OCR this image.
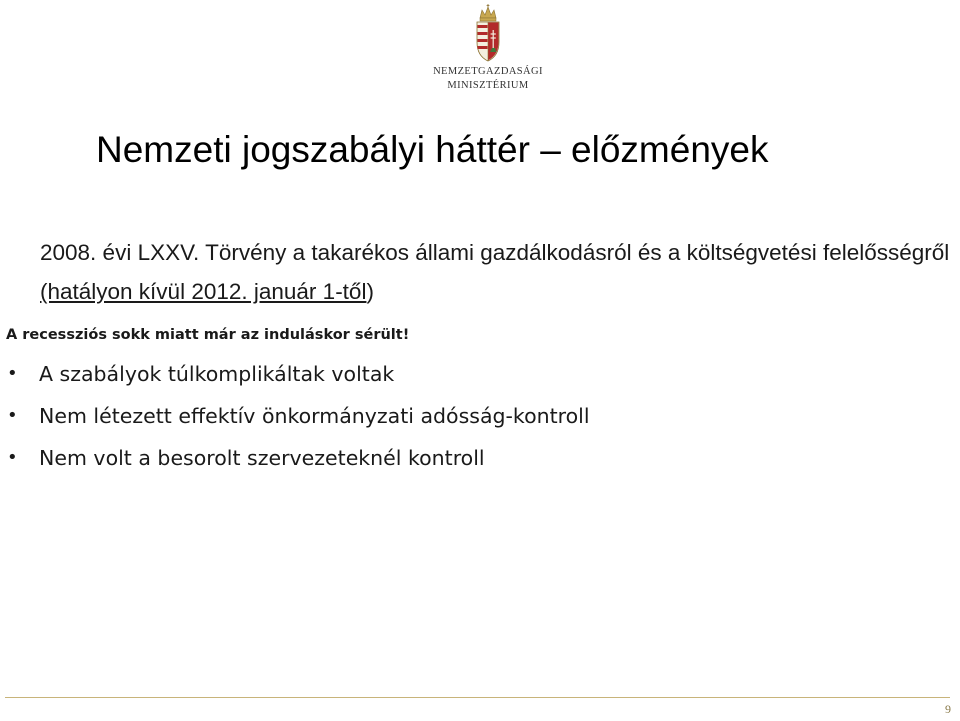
NEMZETGAZDASÁGI
MINISZTÉRIUM
Nemzeti jogszabályi háttér – előzmények
2008. évi LXXV. Törvény a takarékos állami gazdálkodásról és a költségvetési felelősségről (hatályon kívül 2012. január 1-től)
A recessziós sokk miatt már az induláskor sérült!
• A szabályok túlkomplikáltak voltak
• Nem létezett effektív önkormányzati adósság-kontroll
• Nem volt a besorolt szervezeteknél kontroll
9
